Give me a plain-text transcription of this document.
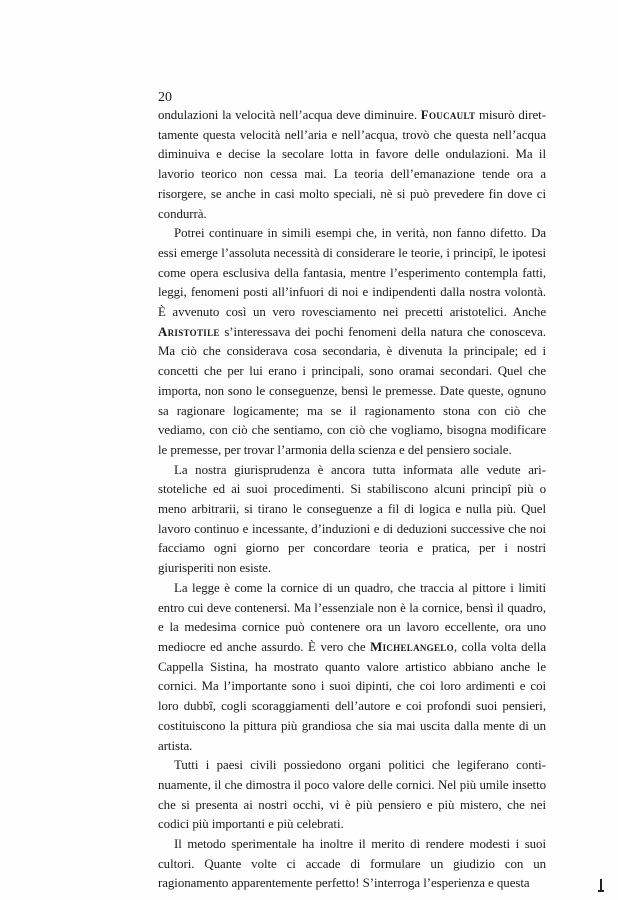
20

ondulazioni la velocità nell’acqua deve diminuire. Foucault misurò direttamente questa velocità nell’aria e nell’acqua, trovò che questa nell’acqua diminuiva e decise la secolare lotta in favore delle ondulazioni. Ma il lavorio teorico non cessa mai. La teoria dell’emanazione tende ora a risorgere, se anche in casi molto speciali, nè si può prevedere fin dove ci condurrà.

Potrei continuare in simili esempi che, in verità, non fanno difetto. Da essi emerge l’assoluta necessità di considerare le teorie, i principî, le ipotesi come opera esclusiva della fantasia, mentre l’esperimento contempla fatti, leggi, fenomeni posti all’infuori di noi e indipendenti dalla nostra volontà. È avvenuto così un vero rovesciamento nei precetti aristotelici. Anche Aristotile s’interessava dei pochi fenomeni della natura che conosceva. Ma ciò che considerava cosa secondaria, è divenuta la principale; ed i concetti che per lui erano i principali, sono oramai secondari. Quel che importa, non sono le conseguenze, bensì le premesse. Date queste, ognuno sa ragionare logicamente; ma se il ragionamento stona con ciò che vediamo, con ciò che sentiamo, con ciò che vogliamo, bisogna modificare le premesse, per trovar l’armonia della scienza e del pensiero sociale.

La nostra giurisprudenza è ancora tutta informata alle vedute aristoteliche ed ai suoi procedimenti. Si stabiliscono alcuni principî più o meno arbitrarii, si tirano le conseguenze a fil di logica e nulla più. Quel lavoro continuo e incessante, d’induzioni e di deduzioni successive che noi facciamo ogni giorno per concordare teoria e pratica, per i nostri giurisperiti non esiste.

La legge è come la cornice di un quadro, che traccia al pittore i limiti entro cui deve contenersi. Ma l’essenziale non è la cornice, bensì il quadro, e la medesima cornice può contenere ora un lavoro eccellente, ora uno mediocre ed anche assurdo. È vero che Michelangelo, colla volta della Cappella Sistina, ha mostrato quanto valore artistico abbiano anche le cornici. Ma l’importante sono i suoi dipinti, che coi loro ardimenti e coi loro dubbî, cogli scoraggiamenti dell’autore e coi profondi suoi pensieri, costituiscono la pittura più grandiosa che sia mai uscita dalla mente di un artista.

Tutti i paesi civili possiedono organi politici che legiferano continuamente, il che dimostra il poco valore delle cornici. Nel più umile insetto che si presenta ai nostri occhi, vi è più pensiero e più mistero, che nei codici più importanti e più celebrati.

Il metodo sperimentale ha inoltre il merito di rendere modesti i suoi cultori. Quante volte ci accade di formulare un giudizio con un ragionamento apparentemente perfetto! S’interroga l’esperienza e questa
